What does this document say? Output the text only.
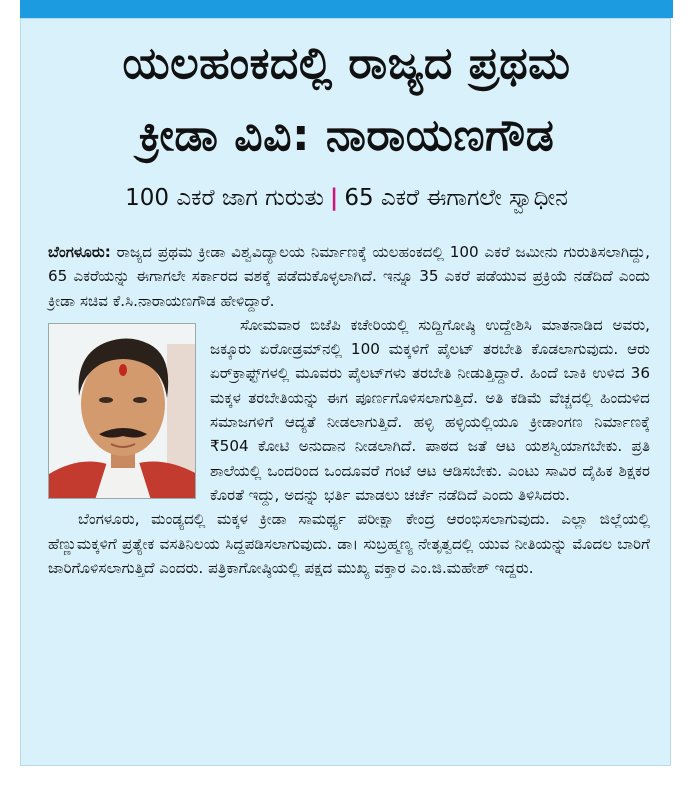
ಯಲಹಂಕದಲ್ಲಿ ರಾಜ್ಯದ ಪ್ರಥಮ
ಕ್ರೀಡಾ ವಿವಿ: ನಾರಾಯಣಗೌಡ
100 ಎಕರೆ ಜಾಗ ಗುರುತು | 65 ಎಕರೆ ಈಗಾಗಲೇ ಸ್ವಾಧೀನ

ಬೆಂಗಳೂರು: ರಾಜ್ಯದ ಪ್ರಥಮ ಕ್ರೀಡಾ ವಿಶ್ವವಿದ್ಯಾಲಯ ನಿರ್ಮಾಣಕ್ಕೆ ಯಲಹಂಕದಲ್ಲಿ 100 ಎಕರೆ ಜಮೀನು ಗುರುತಿಸಲಾಗಿದ್ದು, 65 ಎಕರೆಯನ್ನು ಈಗಾಗಲೇ ಸರ್ಕಾರದ ವಶಕ್ಕೆ ಪಡೆದುಕೊಳ್ಳಲಾಗಿದೆ. ಇನ್ನೂ 35 ಎಕರೆ ಪಡೆಯುವ ಪ್ರಕ್ರಿಯೆ ನಡೆದಿದೆ ಎಂದು ಕ್ರೀಡಾ ಸಚಿವ ಕೆ.ಸಿ.ನಾರಾಯಣಗೌಡ ಹೇಳಿದ್ದಾರೆ.

ಸೋಮವಾರ ಬಿಜೆಪಿ ಕಚೇರಿಯಲ್ಲಿ ಸುದ್ದಿಗೋಷ್ಠಿ ಉದ್ದೇಶಿಸಿ ಮಾತನಾಡಿದ ಅವರು, ಜಕ್ಕೂರು ಏರೋಡ್ರಮ್‌ನಲ್ಲಿ 100 ಮಕ್ಕಳಿಗೆ ಪೈಲಟ್ ತರಬೇತಿ ಕೊಡಲಾಗುವುದು. ಆರು ಏರ್‌ಕ್ರಾಫ್ಟ್‌ಗಳಲ್ಲಿ ಮೂವರು ಪೈಲಟ್‌ಗಳು ತರಬೇತಿ ನೀಡುತ್ತಿದ್ದಾರೆ. ಹಿಂದೆ ಬಾಕಿ ಉಳಿದ 36 ಮಕ್ಕಳ ತರಬೇತಿಯನ್ನು ಈಗ ಪೂರ್ಣಗೊಳಿಸಲಾಗುತ್ತಿದೆ. ಅತಿ ಕಡಿಮೆ ವೆಚ್ಚದಲ್ಲಿ ಹಿಂದುಳಿದ ಸಮಾಜಗಳಿಗೆ ಆದ್ಯತೆ ನೀಡಲಾಗುತ್ತಿದೆ. ಹಳ್ಳಿ ಹಳ್ಳಿಯಲ್ಲಿಯೂ ಕ್ರೀಡಾಂಗಣ ನಿರ್ಮಾಣಕ್ಕೆ ₹504 ಕೋಟಿ ಅನುದಾನ ನೀಡಲಾಗಿದೆ. ಪಾಠದ ಜತೆ ಆಟ ಯಶಸ್ವಿಯಾಗಬೇಕು. ಪ್ರತಿ ಶಾಲೆಯಲ್ಲಿ ಒಂದರಿಂದ ಒಂದೂವರೆ ಗಂಟೆ ಆಟ ಆಡಿಸಬೇಕು. ಎಂಟು ಸಾವಿರ ದೈಹಿಕ ಶಿಕ್ಷಕರ ಕೊರತೆ ಇದ್ದು, ಅದನ್ನು ಭರ್ತಿ ಮಾಡಲು ಚರ್ಚೆ ನಡೆದಿದೆ ಎಂದು ತಿಳಿಸಿದರು.

ಬೆಂಗಳೂರು, ಮಂಡ್ಯದಲ್ಲಿ ಮಕ್ಕಳ ಕ್ರೀಡಾ ಸಾಮರ್ಥ್ಯ ಪರೀಕ್ಷಾ ಕೇಂದ್ರ ಆರಂಭಿಸಲಾಗುವುದು. ಎಲ್ಲಾ ಜಿಲ್ಲೆಯಲ್ಲಿ ಹೆಣ್ಣುಮಕ್ಕಳಿಗೆ ಪ್ರತ್ಯೇಕ ವಸತಿನಿಲಯ ಸಿದ್ದಪಡಿಸಲಾಗುವುದು. ಡಾ। ಸುಬ್ರಹ್ಮಣ್ಯ ನೇತೃತ್ವದಲ್ಲಿ ಯುವ ನೀತಿಯನ್ನು ಮೊದಲ ಬಾರಿಗೆ ಜಾರಿಗೊಳಿಸಲಾಗುತ್ತಿದೆ ಎಂದರು. ಪತ್ರಿಕಾಗೋಷ್ಠಿಯಲ್ಲಿ ಪಕ್ಷದ ಮುಖ್ಯ ವಕ್ತಾರ ಎಂ.ಜಿ.ಮಹೇಶ್ ಇದ್ದರು.
